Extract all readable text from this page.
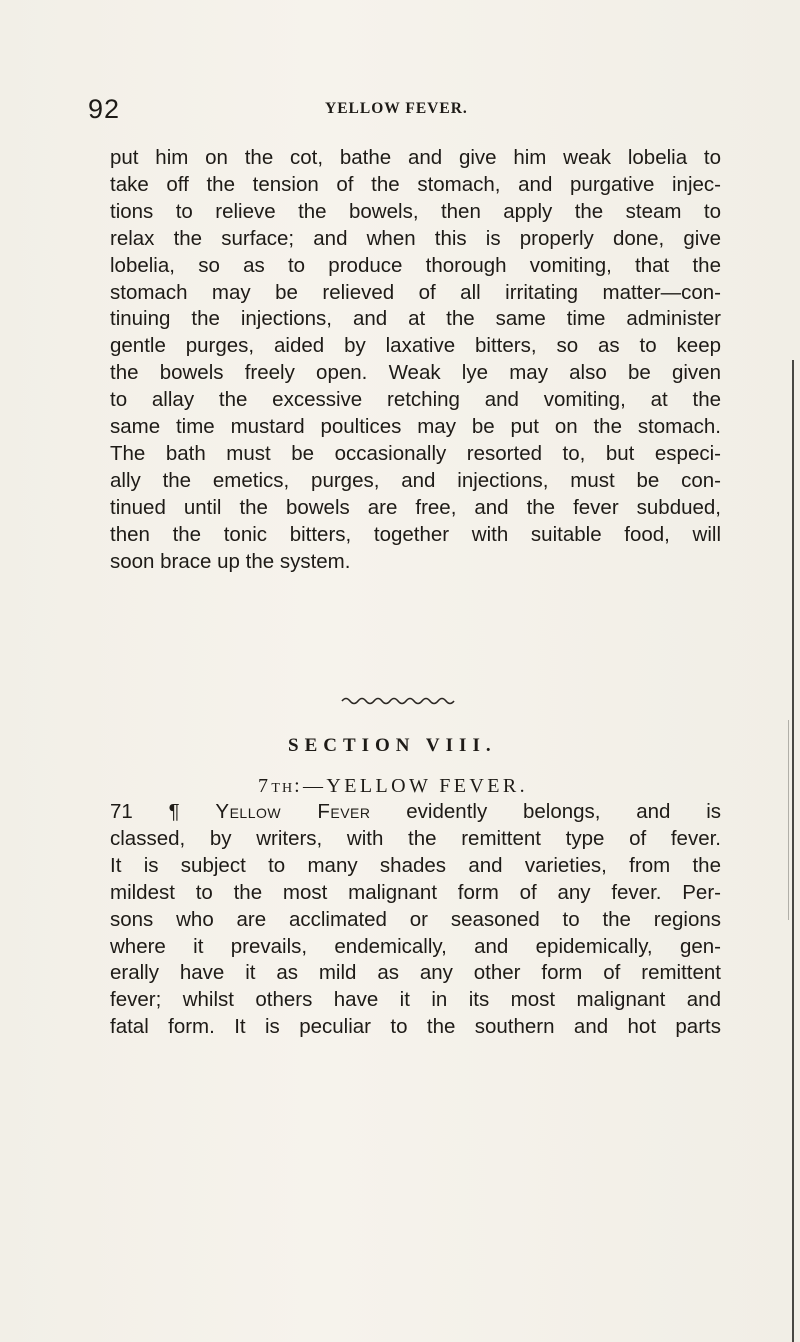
92	YELLOW FEVER.
put him on the cot, bathe and give him weak lobelia to
take off the tension of the stomach, and purgative injec-
tions to relieve the bowels, then apply the steam to
relax the surface; and when this is properly done, give
lobelia, so as to produce thorough vomiting, that the
stomach may be relieved of all irritating matter—con-
tinuing the injections, and at the same time administer
gentle purges, aided by laxative bitters, so as to keep
the bowels freely open. Weak lye may also be given
to allay the excessive retching and vomiting, at the
same time mustard poultices may be put on the stomach.
The bath must be occasionally resorted to, but especi-
ally the emetics, purges, and injections, must be con-
tinued until the bowels are free, and the fever subdued,
then the tonic bitters, together with suitable food, will
soon brace up the system.
SECTION VIII.
7TH:—YELLOW FEVER.
71 ¶ Yellow Fever evidently belongs, and is
classed, by writers, with the remittent type of fever.
It is subject to many shades and varieties, from the
mildest to the most malignant form of any fever. Per-
sons who are acclimated or seasoned to the regions
where it prevails, endemically, and epidemically, gen-
erally have it as mild as any other form of remittent
fever; whilst others have it in its most malignant and
fatal form. It is peculiar to the southern and hot parts
